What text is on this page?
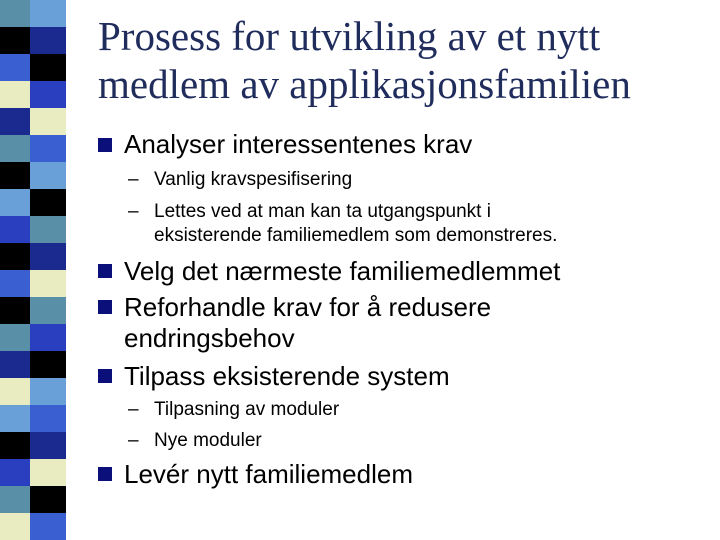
Prosess for utvikling av et nytt
medlem av applikasjonsfamilien
Analyser interessentenes krav
– Vanlig kravspesifisering
– Lettes ved at man kan ta utgangspunkt i
eksisterende familiemedlem som demonstreres.
Velg det nærmeste familiemedlemmet
Reforhandle krav for å redusere
endringsbehov
Tilpass eksisterende system
– Tilpasning av moduler
– Nye moduler
Levér nytt familiemedlem
